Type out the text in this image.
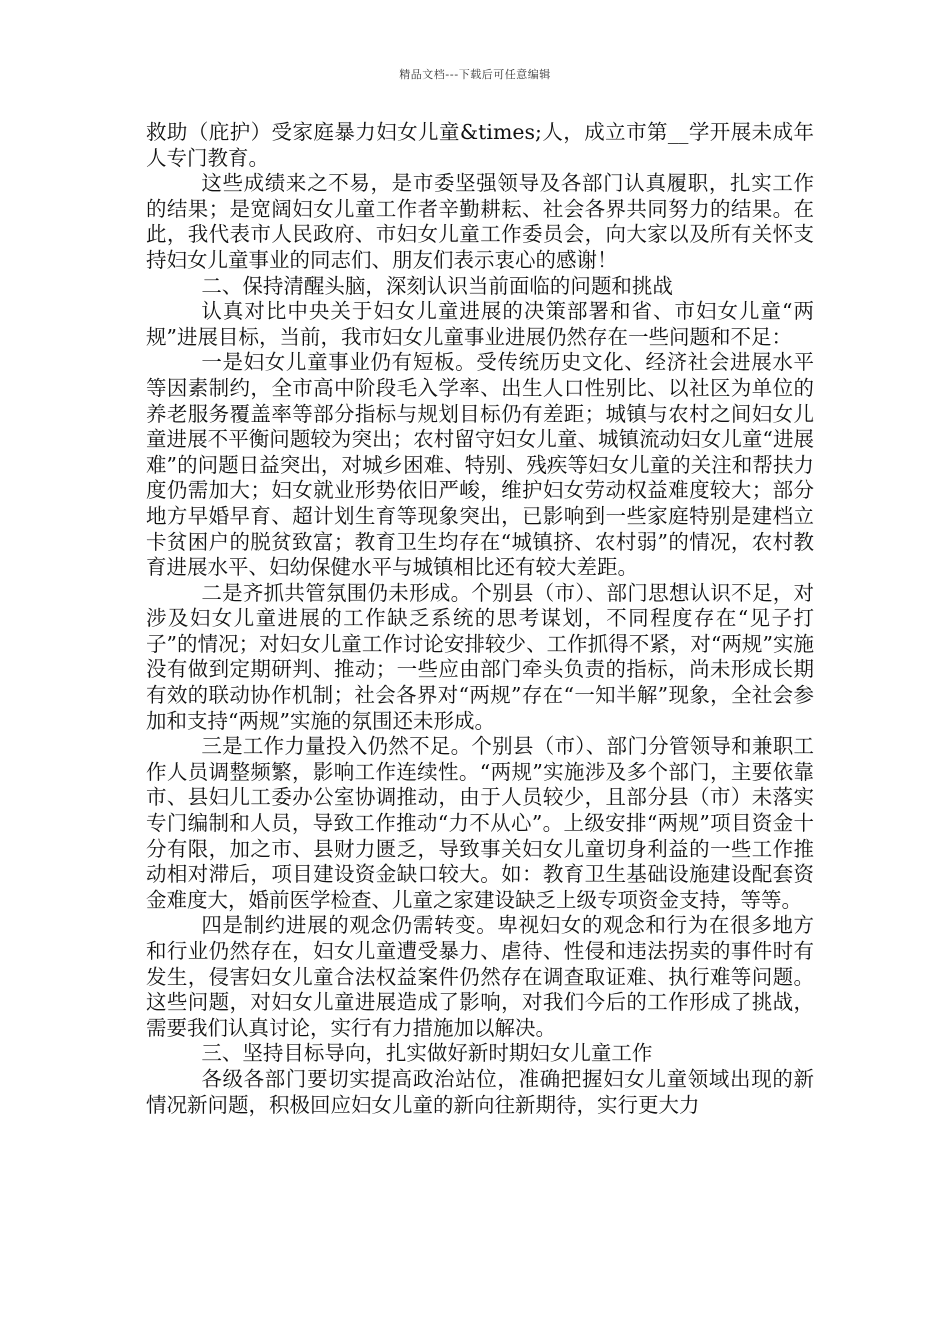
精品文档---下载后可任意编辑

救助（庇护）受家庭暴力妇女儿童&times;人，成立市第__学开展未成年人专门教育。

这些成绩来之不易，是市委坚强领导及各部门认真履职，扎实工作的结果；是宽阔妇女儿童工作者辛勤耕耘、社会各界共同努力的结果。在此，我代表市人民政府、市妇女儿童工作委员会，向大家以及所有关怀支持妇女儿童事业的同志们、朋友们表示衷心的感谢！

二、保持清醒头脑，深刻认识当前面临的问题和挑战

认真对比中央关于妇女儿童进展的决策部署和省、市妇女儿童“两规”进展目标，当前，我市妇女儿童事业进展仍然存在一些问题和不足：

一是妇女儿童事业仍有短板。受传统历史文化、经济社会进展水平等因素制约，全市高中阶段毛入学率、出生人口性别比、以社区为单位的养老服务覆盖率等部分指标与规划目标仍有差距；城镇与农村之间妇女儿童进展不平衡问题较为突出；农村留守妇女儿童、城镇流动妇女儿童“进展难”的问题日益突出，对城乡困难、特别、残疾等妇女儿童的关注和帮扶力度仍需加大；妇女就业形势依旧严峻，维护妇女劳动权益难度较大；部分地方早婚早育、超计划生育等现象突出，已影响到一些家庭特别是建档立卡贫困户的脱贫致富；教育卫生均存在“城镇挤、农村弱”的情况，农村教育进展水平、妇幼保健水平与城镇相比还有较大差距。

二是齐抓共管氛围仍未形成。个别县（市）、部门思想认识不足，对涉及妇女儿童进展的工作缺乏系统的思考谋划，不同程度存在“见子打子”的情况；对妇女儿童工作讨论安排较少、工作抓得不紧，对“两规”实施没有做到定期研判、推动；一些应由部门牵头负责的指标，尚未形成长期有效的联动协作机制；社会各界对“两规”存在“一知半解”现象，全社会参加和支持“两规”实施的氛围还未形成。

三是工作力量投入仍然不足。个别县（市）、部门分管领导和兼职工作人员调整频繁，影响工作连续性。“两规”实施涉及多个部门，主要依靠市、县妇儿工委办公室协调推动，由于人员较少，且部分县（市）未落实专门编制和人员，导致工作推动“力不从心”。上级安排“两规”项目资金十分有限，加之市、县财力匮乏，导致事关妇女儿童切身利益的一些工作推动相对滞后，项目建设资金缺口较大。如：教育卫生基础设施建设配套资金难度大，婚前医学检查、儿童之家建设缺乏上级专项资金支持，等等。

四是制约进展的观念仍需转变。卑视妇女的观念和行为在很多地方和行业仍然存在，妇女儿童遭受暴力、虐待、性侵和违法拐卖的事件时有发生，侵害妇女儿童合法权益案件仍然存在调查取证难、执行难等问题。这些问题，对妇女儿童进展造成了影响，对我们今后的工作形成了挑战，需要我们认真讨论，实行有力措施加以解决。

三、坚持目标导向，扎实做好新时期妇女儿童工作

各级各部门要切实提高政治站位，准确把握妇女儿童领域出现的新情况新问题，积极回应妇女儿童的新向往新期待，实行更大力
